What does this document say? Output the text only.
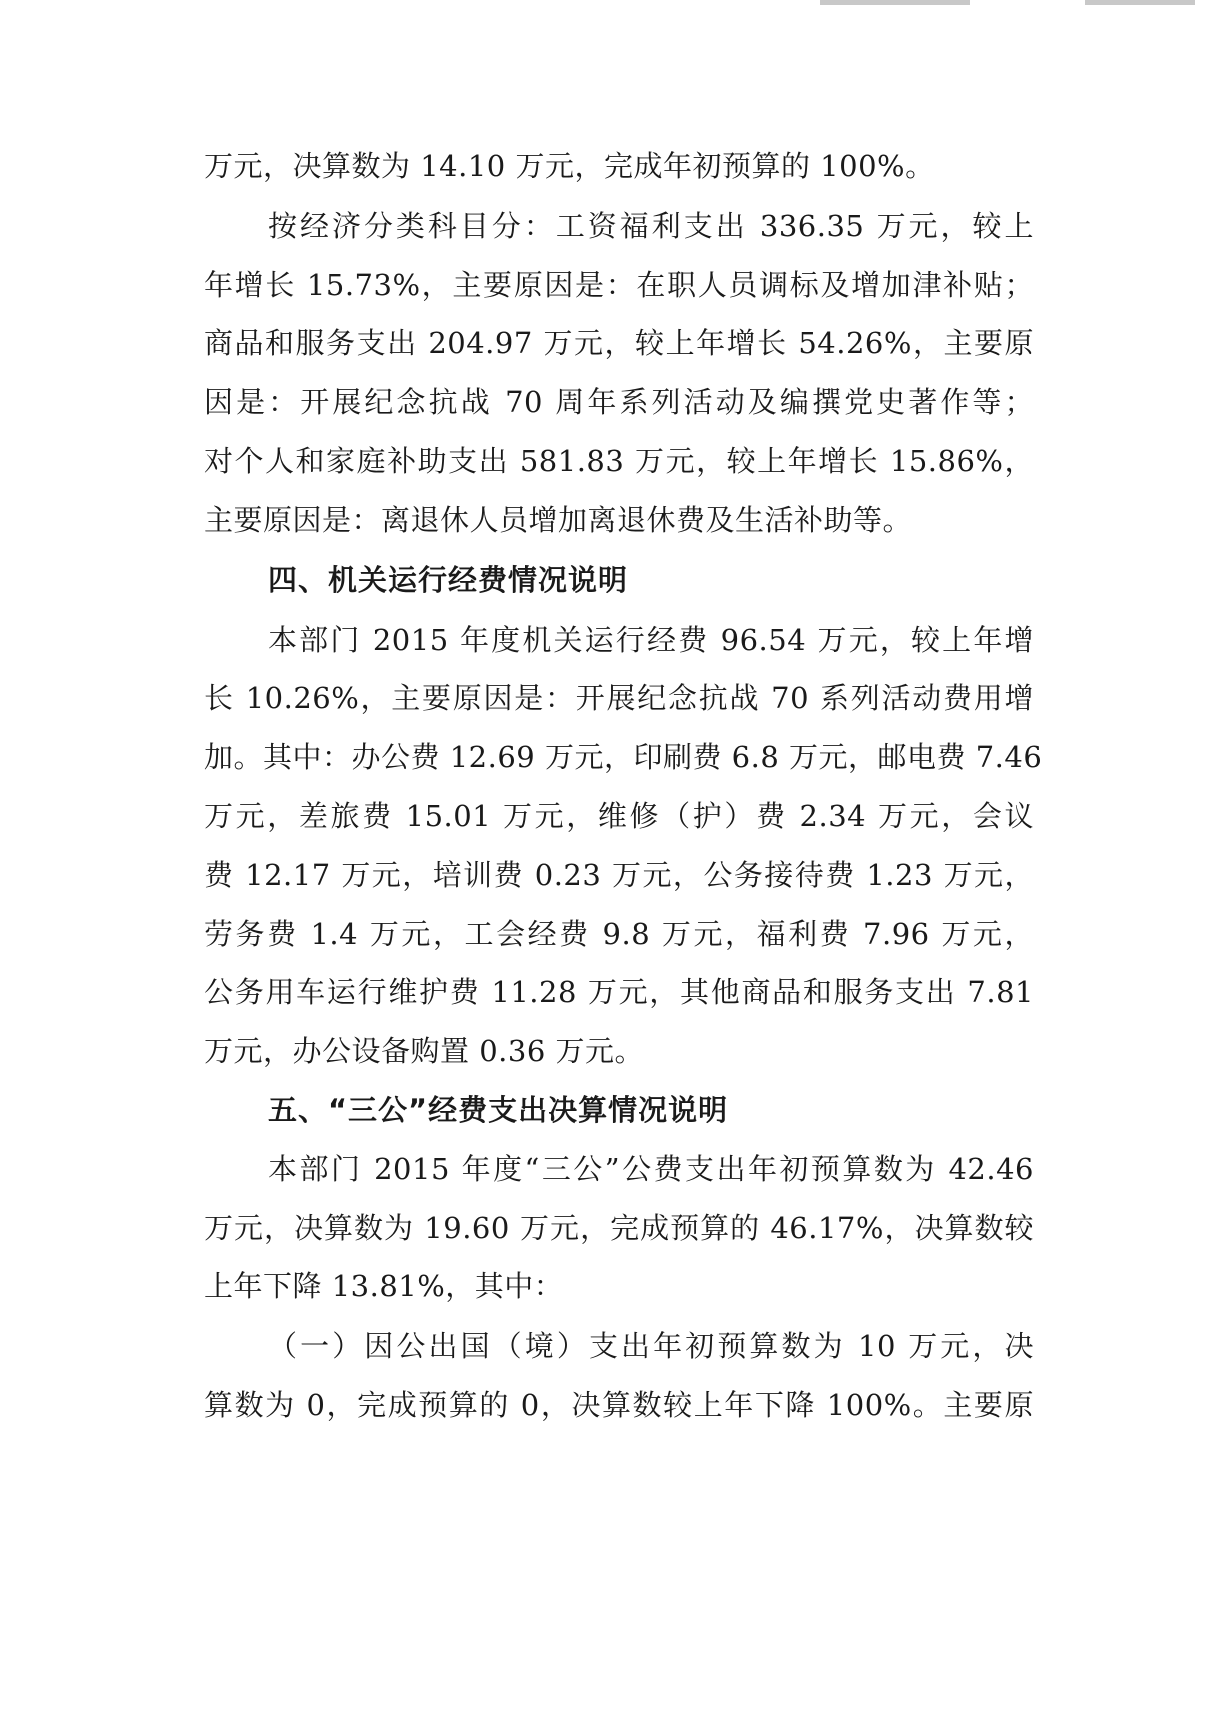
万元，决算数为 14.10 万元，完成年初预算的 100%。
按经济分类科目分：工资福利支出 336.35 万元，较上
年增长 15.73%，主要原因是：在职人员调标及增加津补贴；
商品和服务支出 204.97 万元，较上年增长 54.26%，主要原
因是：开展纪念抗战 70 周年系列活动及编撰党史著作等；
对个人和家庭补助支出 581.83 万元，较上年增长 15.86%，
主要原因是：离退休人员增加离退休费及生活补助等。
四、机关运行经费情况说明
本部门 2015 年度机关运行经费 96.54 万元，较上年增
长 10.26%，主要原因是：开展纪念抗战 70 系列活动费用增
加。其中：办公费 12.69 万元，印刷费 6.8 万元，邮电费 7.46
万元，差旅费 15.01 万元，维修（护）费 2.34 万元，会议
费 12.17 万元，培训费 0.23 万元，公务接待费 1.23 万元，
劳务费 1.4 万元，工会经费 9.8 万元，福利费 7.96 万元，
公务用车运行维护费 11.28 万元，其他商品和服务支出 7.81
万元，办公设备购置 0.36 万元。
五、“三公”经费支出决算情况说明
本部门 2015 年度“三公”公费支出年初预算数为 42.46
万元，决算数为 19.60 万元，完成预算的 46.17%，决算数较
上年下降 13.81%，其中：
（一）因公出国（境）支出年初预算数为 10 万元，决
算数为 0，完成预算的 0，决算数较上年下降 100%。主要原
